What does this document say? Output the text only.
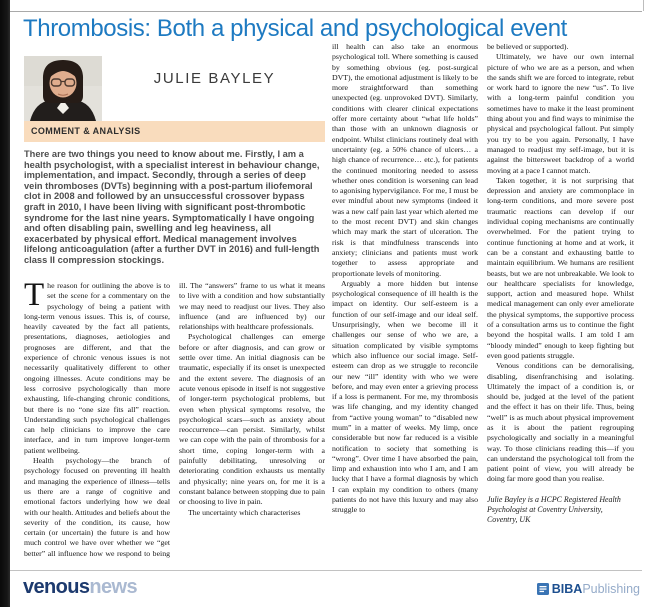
Thrombosis: Both a physical and psychological event
JULIE BAYLEY
COMMENT & ANALYSIS

There are two things you need to know about me. Firstly, I am a health psychologist, with a specialist interest in behaviour change, implementation, and impact. Secondly, through a series of deep vein thromboses (DVTs) beginning with a post-partum iliofemoral clot in 2008 and followed by an unsuccessful crossover bypass graft in 2010, I have been living with significant post-thrombotic syndrome for the last nine years. Symptomatically I have ongoing and often disabling pain, swelling and leg heaviness, all exacerbated by physical effort. Medical management involves lifelong anticoagulation (after a further DVT in 2016) and full-length class II compression stockings.

The reason for outlining the above is to set the scene for a commentary on the psychology of being a patient with long-term venous issues. This is, of course, heavily caveated by the fact all patients, presentations, diagnoses, aetiologies and prognoses are different, and that the experience of chronic venous issues is not necessarily qualitatively different to other ongoing illnesses. Acute conditions may be less corrosive psychologically than more exhausting, life-changing chronic conditions, but there is no “one size fits all” reaction. Understanding such psychological challenges can help clinicians to improve the care interface, and in turn improve longer-term patient wellbeing.

Health psychology—the branch of psychology focused on preventing ill health and managing the experience of illness—tells us there are a range of cognitive and emotional factors underlying how we deal with our health. Attitudes and beliefs about the severity of the condition, its cause, how certain (or uncertain) the future is and how much control we have over whether we “get better” all influence how we respond to being ill. The “answers” frame to us what it means to live with a condition and how substantially we may need to readjust our lives. They also influence (and are influenced by) our relationships with healthcare professionals.

Psychological challenges can emerge before or after diagnosis, and can grow or settle over time. An initial diagnosis can be traumatic, especially if its onset is unexpected and the extent severe. The diagnosis of an acute venous episode in itself is not suggestive of longer-term psychological problems, but even when physical symptoms resolve, the psychological scars—such as anxiety about reoccurrence—can persist. Similarly, whilst we can cope with the pain of thrombosis for a short time, coping longer-term with a painfully debilitating, unresolving or deteriorating condition exhausts us mentally and physically; nine years on, for me it is a constant balance between stopping due to pain or choosing to live in pain.

The uncertainty which characterises

ill health can also take an enormous psychological toll. Where something is caused by something obvious (eg. post-surgical DVT), the emotional adjustment is likely to be more straightforward than something unexpected (eg. unprovoked DVT). Similarly, conditions with clearer clinical expectations offer more certainty about “what life holds” than those with an unknown diagnosis or endpoint. Whilst clinicians routinely deal with uncertainty (eg. a 50% chance of ulcers… a high chance of recurrence… etc.), for patients the continued monitoring needed to assess whether ones condition is worsening can lead to agonising hypervigilance. For me, I must be ever mindful about new symptoms (indeed it was a new calf pain last year which alerted me to the most recent DVT) and skin changes which may mark the start of ulceration. The risk is that mindfulness transcends into anxiety; clinicians and patients must work together to assess appropriate and proportionate levels of monitoring.

Arguably a more hidden but intense psychological consequence of ill health is the impact on identity. Our self-esteem is a function of our self-image and our ideal self. Unsurprisingly, when we become ill it challenges our sense of who we are, a situation complicated by visible symptoms which also influence our social image. Self-esteem can drop as we struggle to reconcile our new “ill” identity with who we were before, and may even enter a grieving process if a loss is permanent. For me, my thrombosis was life changing, and my identity changed from “active young woman” to “disabled new mum” in a matter of weeks. My limp, once considerable but now far reduced is a visible notification to society that something is “wrong”. Over time I have absorbed the pain, limp and exhaustion into who I am, and I am lucky that I have a formal diagnosis by which I can explain my condition to others (many patients do not have this luxury and may also struggle to

be believed or supported).

Ultimately, we have our own internal picture of who we are as a person, and when the sands shift we are forced to integrate, rebut or work hard to ignore the new “us”. To live with a long-term painful condition you sometimes have to make it the least prominent thing about you and find ways to minimise the physical and psychological fallout. Put simply you try to be you again. Personally, I have managed to readjust my self-image, but it is against the bittersweet backdrop of a world moving at a pace I cannot match.

Taken together, it is not surprising that depression and anxiety are commonplace in long-term conditions, and more severe post traumatic reactions can develop if our individual coping mechanisms are continually overwhelmed. For the patient trying to continue functioning at home and at work, it can be a constant and exhausting battle to maintain equilibrium. We humans are resilient beasts, but we are not unbreakable. We look to our healthcare specialists for knowledge, support, action and measured hope. Whilst medical management can only ever ameliorate the physical symptoms, the supportive process of a consultation arms us to continue the fight beyond the hospital walls. I am told I am “bloody minded” enough to keep fighting but even good patients struggle.

Venous conditions can be demoralising, disabling, disenfranchising and isolating. Ultimately the impact of a condition is, or should be, judged at the level of the patient and the effect it has on their life. Thus, being “well” is as much about physical improvement as it is about the patient regrouping psychologically and socially in a meaningful way. To those clinicians reading this—if you can understand the psychological toll from the patient point of view, you will already be doing far more good than you realise.

Julie Bayley is a HCPC Registered Health Psychologist at Coventry University, Coventry, UK

venousnews	BIBA Publishing
